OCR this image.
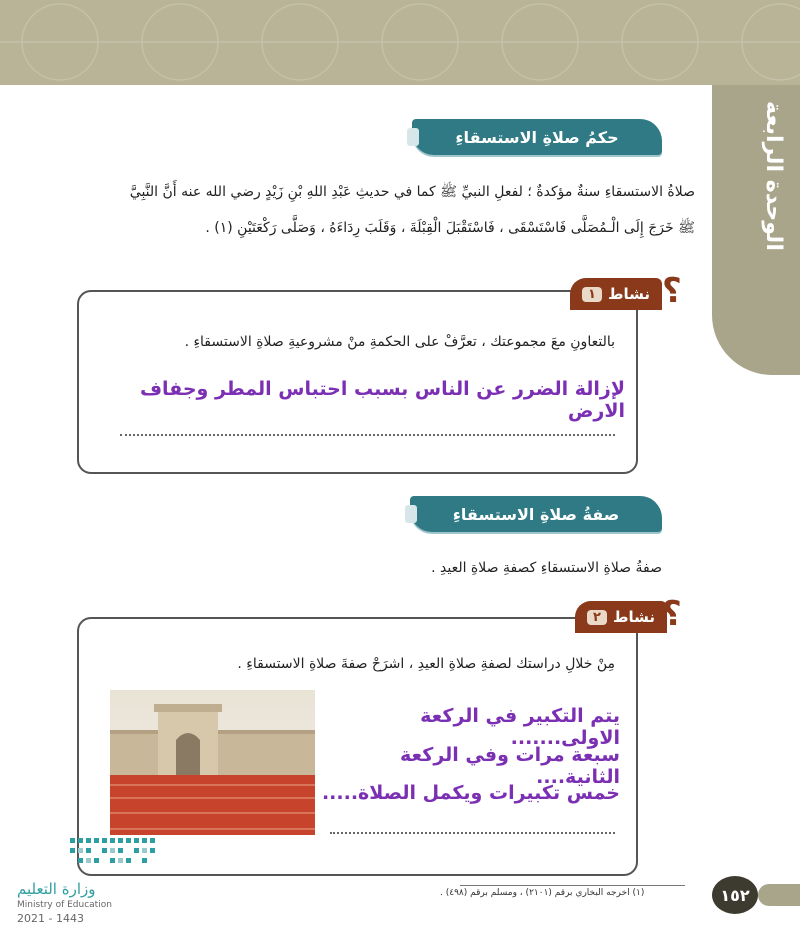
الوحدة الرابعة
حكمُ صلاةِ الاستسقاءِ
صلاةُ الاستسقاءِ سنةٌ مؤكدةٌ ؛ لفعلِ النبيِّ ﷺ كما في حديثِ عَبْدِ اللهِ بْنِ زَيْدٍ رضي الله عنه أَنَّ النَّبِيَّ
ﷺ خَرَجَ إِلَى الْـمُصَلَّى فَاسْتَسْقَى ، فَاسْتَقْبَلَ الْقِبْلَةَ ، وَقَلَبَ رِدَاءَهُ ، وَصَلَّى رَكْعَتَيْنِ (١) .
١ نشاط ؟
بالتعاونِ معَ مجموعتك ، تعرَّفْ على الحكمةِ منْ مشروعيةِ صلاةِ الاستسقاءِ .
لإزالة الضرر عن الناس بسبب احتباس المطر وجفاف الارض
صفةُ صلاةِ الاستسقاءِ
صفةُ صلاةِ الاستسقاءِ كصفةِ صلاةِ العيدِ .
٢ نشاط ؟
مِنْ خلالِ دراستك لصفةِ صلاةِ العيدِ ، اشرَحْ صفةَ صلاةِ الاستسقاءِ .
يتم التكبير في الركعة الاولى.......
سبعة مرات وفي الركعة الثانية....
خمس تكبيرات ويكمل الصلاة.....
(١) اخرجه البخاري برقم (٢١٠١) ، ومسلم برقم (٤٩٨) .	١٥٢
وزارة التعليم
Ministry of Education
2021 - 1443
